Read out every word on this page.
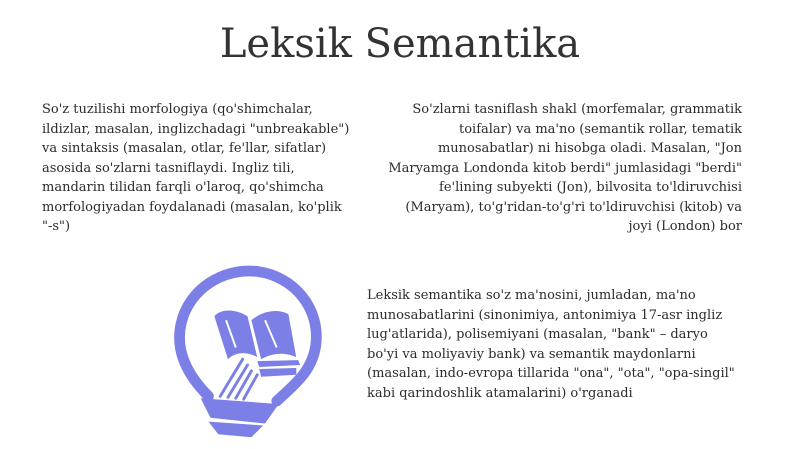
Leksik Semantika

So'z tuzilishi morfologiya (qo'shimchalar, ildizlar, masalan, inglizchadagi "unbreakable") va sintaksis (masalan, otlar, fe'llar, sifatlar) asosida so'zlarni tasniflaydi. Ingliz tili, mandarin tilidan farqli o'laroq, qo'shimcha morfologiyadan foydalanadi (masalan, ko'plik "-s")

So'zlarni tasniflash shakl (morfemalar, grammatik toifalar) va ma'no (semantik rollar, tematik munosabatlar) ni hisobga oladi. Masalan, "Jon Maryamga Londonda kitob berdi" jumlasidagi "berdi" fe'lining subyekti (Jon), bilvosita to'ldiruvchisi (Maryam), to'g'ridan-to'g'ri to'ldiruvchisi (kitob) va joyi (London) bor

Leksik semantika so'z ma'nosini, jumladan, ma'no munosabatlarini (sinonimiya, antonimiya 17-asr ingliz lug'atlarida), polisemiyani (masalan, "bank" – daryo bo'yi va moliyaviy bank) va semantik maydonlarni (masalan, indo-evropa tillarida "ona", "ota", "opa-singil" kabi qarindoshlik atamalarini) o'rganadi
